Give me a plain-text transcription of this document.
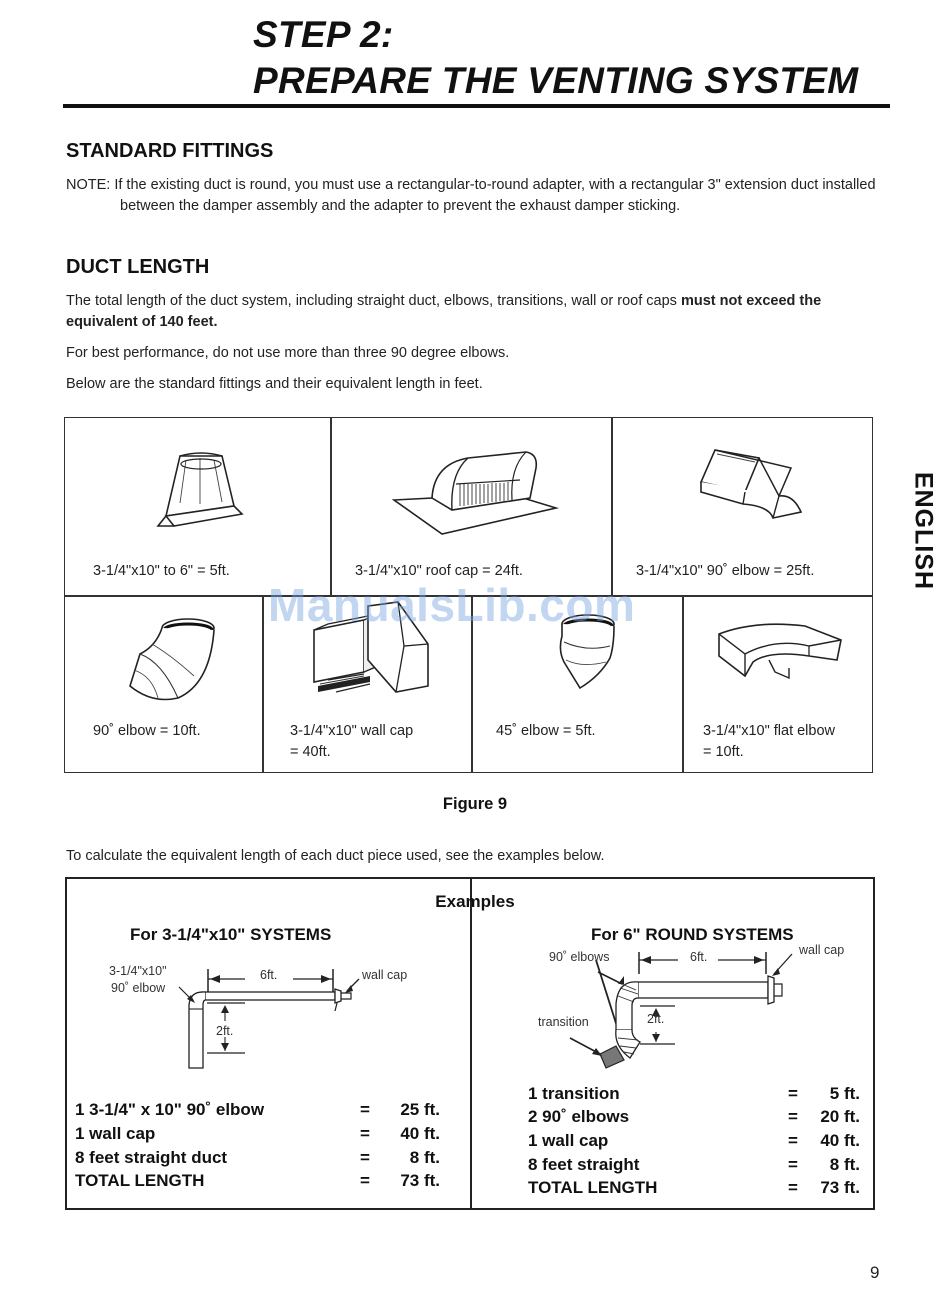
STEP 2:
PREPARE THE VENTING SYSTEM
ENGLISH
STANDARD FITTINGS

NOTE: If the existing duct is round, you must use a rectangular-to-round adapter, with a rectangular 3" extension duct installed between the damper assembly and the adapter to prevent the exhaust damper sticking.

DUCT LENGTH

The total length of the duct system, including straight duct, elbows, transitions, wall or roof caps must not exceed the equivalent of 140 feet.

For best performance, do not use more than three 90 degree elbows.

Below are the standard fittings and their equivalent length in feet.

3-1/4"x10" to 6" = 5ft.	3-1/4"x10" roof cap = 24ft.	3-1/4"x10" 90˚ elbow = 25ft.
90˚ elbow = 10ft.	3-1/4"x10" wall cap
= 40ft.
45˚ elbow = 5ft.	3-1/4"x10" flat elbow
= 10ft.
ManualsLib.com
Figure 9

To calculate the equivalent length of each duct piece used, see the examples below.

Examples
For 3-1/4"x10" SYSTEMS	For 6" ROUND SYSTEMS
3-1/4"x10"
90˚ elbow
6ft.	wall cap
2ft.
90˚ elbows	6ft.	wall cap
transition	2ft.
1 3-1/4" x 10" 90˚ elbow	=	25 ft.
1 wall cap	=	40 ft.
8 feet straight duct	=	8 ft.
TOTAL LENGTH	=	73 ft.
1 transition	=	5 ft.
2 90˚ elbows	=	20 ft.
1 wall cap	=	40 ft.
8 feet straight	=	8 ft.
TOTAL LENGTH	=	73 ft.
9
